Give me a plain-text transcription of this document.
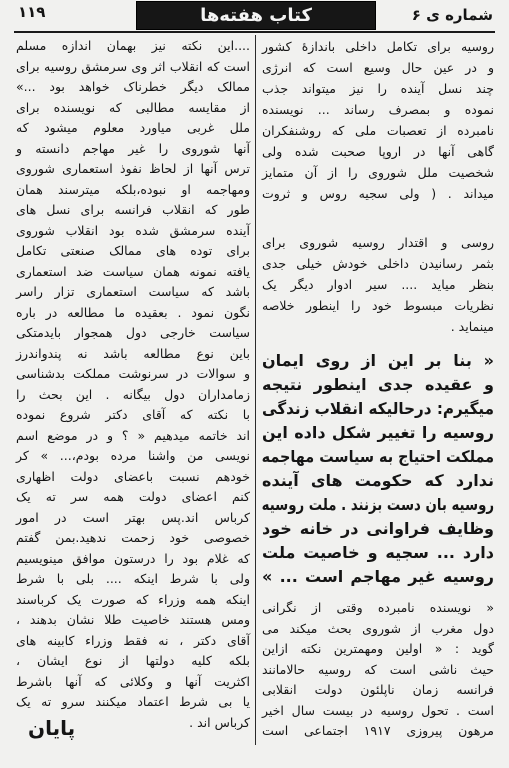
۱۱۹	کتاب هفته‌ها	شماره ی ۶
روسیه برای تکامل داخلی باندازهٔ کشور
و در عین حال وسیع است که انرژی
چند نسل آینده را نیز میتواند جذب
نموده و بمصرف رساند ... نویسنده
نامبرده از تعصبات ملی که روشنفکران
گاهی آنها در اروپا صحبت شده ولی
شخصیت ملل شوروی را از آن متمایز
میداند . ( ولی سجیه روس و ثروت
روسی و اقتدار روسیه شوروی برای
بثمر رسانیدن داخلی خودش خیلی جدی
بنظر میاید .... سیر ادوار دیگر یک
نظریات مبسوط خود را اینطور خلاصه
مینماید .
« بنا بر این از روی ایمان
و عقیده جدی اینطور نتیجه
میگیرم: درحالیکه انقلاب زندگی
روسیه را تغییر شکل داده این
مملکت احتیاج به سیاست مهاجمه
ندارد که حکومت های آینده
روسیه بان دست بزنند . ملت روسیه
وظایف فراوانی در خانه خود
دارد ... سجیه و خاصیت ملت
روسیه غیر مهاجم است ... »
« نویسنده نامبرده وقتی از نگرانی
دول مغرب از شوروی بحث میکند می
گوید : « اولین ومهمترین نکته ازاین
حیث ناشی است که روسیه حالامانند
فرانسه زمان ناپلئون دولت انقلابی
است . تحول روسیه در بیست سال اخیر
مرهون پیروزی ۱۹۱۷ اجتماعی است
....این نکته نیز بهمان اندازه مسلم
است که انقلاب اثر وی سرمشق روسیه برای
ممالک دیگر خطرناک خواهد بود ...»
از مقایسه مطالبی که نویسنده برای
ملل غربی میاورد معلوم میشود که
آنها شوروی را غیر مهاجم دانسته و
ترس آنها از لحاظ نفوذ استعماری شوروی
ومهاجمه او نبوده،بلکه میترسند همان
طور که انقلاب فرانسه برای نسل های
آینده سرمشق شده بود انقلاب شوروی
برای توده های ممالک صنعتی تکامل
یافته نمونه همان سیاست ضد استعماری
باشد که سیاست استعماری تزار راسر
نگون نمود . بعقیده ما مطالعه در باره
سیاست خارجی دول همجوار بایدمتکی
باین نوع مطالعه باشد نه پندواندرز
و سوالات در سرنوشت مملکت بدشناسی
زمامداران دول بیگانه . این بحث را
با نکته که آقای دکتر شروع نموده
اند خاتمه میدهیم « ؟ و در موضع اسم
نویسی من واشنا مرده بودم،... » کر
خودهم نسبت باعضای دولت اظهاری
کنم اعضای دولت همه سر ته یک
کرباس اند.پس بهتر است در امور
خصوصی خود زحمت ندهید.بمن گفتم
که غلام بود را درستون موافق مینویسیم
ولی با شرط اینکه .... بلی با شرط
اینکه همه وزراء که صورت یک کرباسند
ومس هستند خاصیت طلا نشان بدهند ،
آقای دکتر ، نه فقط وزراء کابینه های
بلکه کلیه دولتها از نوع ایشان ،
اکثریت آنها و وکلائی که آنها باشرط
یا بی شرط اعتماد میکنند سرو ته یک
کرباس اند .
پایان
